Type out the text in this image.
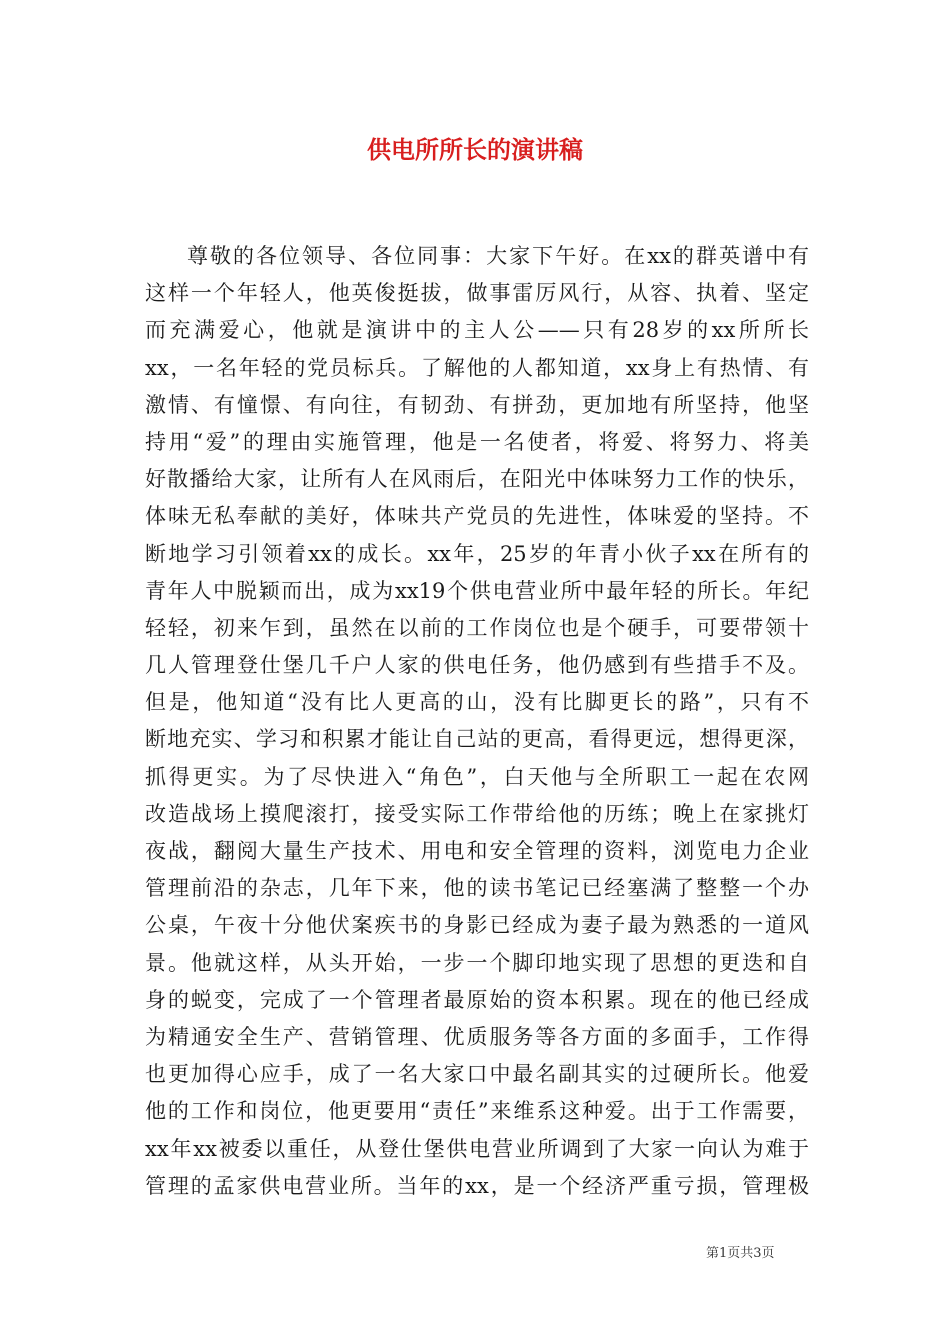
供电所所长的演讲稿
尊敬的各位领导、各位同事：大家下午好。在xx的群英谱中有
这样一个年轻人，他英俊挺拔，做事雷厉风行，从容、执着、坚定
而充满爱心，他就是演讲中的主人公——只有28岁的xx所所长
xx，一名年轻的党员标兵。了解他的人都知道，xx身上有热情、有
激情、有憧憬、有向往，有韧劲、有拼劲，更加地有所坚持，他坚
持用“爱”的理由实施管理，他是一名使者，将爱、将努力、将美
好散播给大家，让所有人在风雨后，在阳光中体味努力工作的快乐，
体味无私奉献的美好，体味共产党员的先进性，体味爱的坚持。不
断地学习引领着xx的成长。xx年，25岁的年青小伙子xx在所有的
青年人中脱颖而出，成为xx19个供电营业所中最年轻的所长。年纪
轻轻，初来乍到，虽然在以前的工作岗位也是个硬手，可要带领十
几人管理登仕堡几千户人家的供电任务，他仍感到有些措手不及。
但是，他知道“没有比人更高的山，没有比脚更长的路”，只有不
断地充实、学习和积累才能让自己站的更高，看得更远，想得更深，
抓得更实。为了尽快进入“角色”，白天他与全所职工一起在农网
改造战场上摸爬滚打，接受实际工作带给他的历练；晚上在家挑灯
夜战，翻阅大量生产技术、用电和安全管理的资料，浏览电力企业
管理前沿的杂志，几年下来，他的读书笔记已经塞满了整整一个办
公桌，午夜十分他伏案疾书的身影已经成为妻子最为熟悉的一道风
景。他就这样，从头开始，一步一个脚印地实现了思想的更迭和自
身的蜕变，完成了一个管理者最原始的资本积累。现在的他已经成
为精通安全生产、营销管理、优质服务等各方面的多面手，工作得
也更加得心应手，成了一名大家口中最名副其实的过硬所长。他爱
他的工作和岗位，他更要用“责任”来维系这种爱。出于工作需要，
xx年xx被委以重任，从登仕堡供电营业所调到了大家一向认为难于
管理的孟家供电营业所。当年的xx，是一个经济严重亏损，管理极
第1页共3页
